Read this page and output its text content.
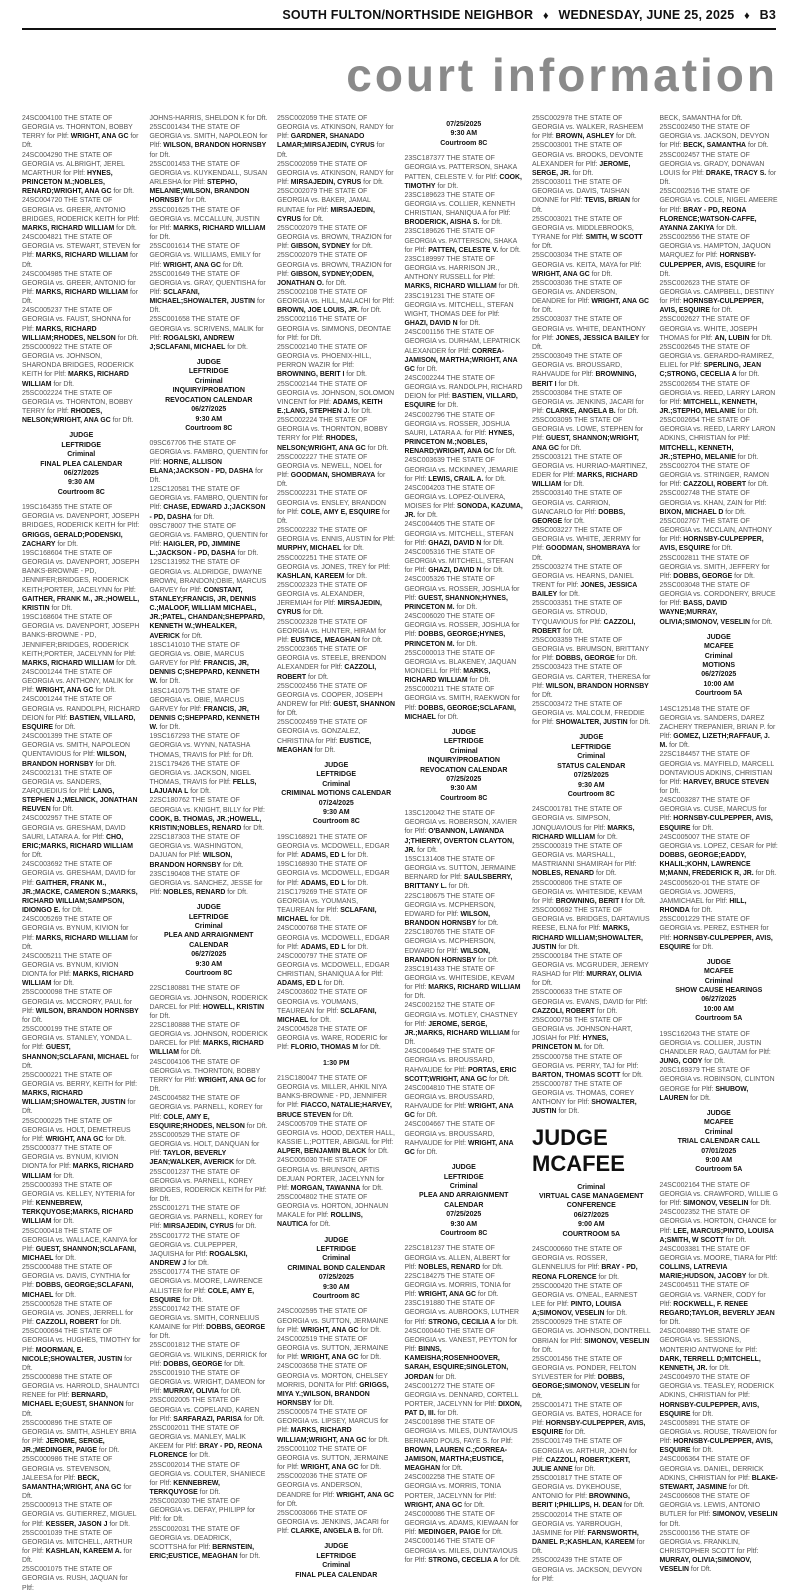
SOUTH FULTON/NORTHSIDE NEIGHBOR ♦ WEDNESDAY, JUNE 25, 2025 ♦ B3
court information

24SC004100 THE STATE OF GEORGIA vs. THORNTON, BOBBY TERRY for Pltf: WRIGHT, ANA GC for Dft.

24SC004290 THE STATE OF GEORGIA vs. ALBRIGHT, JEREL MCARTHUR for Pltf: HYNES, PRINCETON M.;NOBLES, RENARD;WRIGHT, ANA GC for Dft.

24SC004720 THE STATE OF GEORGIA vs. GREER, ANTONIO BRIDGES, RODERICK KEITH for Pltf: MARKS, RICHARD WILLIAM for Dft.

24SC004821 THE STATE OF GEORGIA vs. STEWART, STEVEN for Pltf: MARKS, RICHARD WILLIAM for Dft.

24SC004985 THE STATE OF GEORGIA vs. GREER, ANTONIO for Pltf: MARKS, RICHARD WILLIAM for Dft.

24SC005237 THE STATE OF GEORGIA vs. FAUST, SHONNA for Pltf: MARKS, RICHARD WILLIAM;RHODES, NELSON for Dft.

25SC000922 THE STATE OF GEORGIA vs. JOHNSON, SHARONDA BRIDGES, RODERICK KEITH for Pltf: MARKS, RICHARD WILLIAM for Dft.

25SC002224 THE STATE OF GEORGIA vs. THORNTON, BOBBY TERRY for Pltf: RHODES, NELSON;WRIGHT, ANA GC for Dft.

JUDGE
LEFTRIDGE
Criminal
FINAL PLEA CALENDAR
06/27/2025
9:30 AM
Courtroom 8C

19SC164355 THE STATE OF GEORGIA vs. DAVENPORT, JOSEPH BRIDGES, RODERICK KEITH for Pltf: GRIGGS, GERALD;PODENSKI, ZACHARY for Dft.

19SC168604 THE STATE OF GEORGIA vs. DAVENPORT, JOSEPH BANKS-BROWNE - PD, JENNIFER;BRIDGES, RODERICK KEITH;PORTER, JACELYNN for Pltf: GAITHER, FRANK M., JR.;HOWELL, KRISTIN for Dft.

19SC168604 THE STATE OF GEORGIA vs. DAVENPORT, JOSEPH BANKS-BROWNE - PD, JENNIFER;BRIDGES, RODERICK KEITH;PORTER, JACELYNN for Pltf: MARKS, RICHARD WILLIAM for Dft.

24SC001244 THE STATE OF GEORGIA vs. ANTHONY, MALIK for Pltf: WRIGHT, ANA GC for Dft.

24SC001244 THE STATE OF GEORGIA vs. RANDOLPH, RICHARD DEION for Pltf: BASTIEN, VILLARD, ESQUIRE for Dft.

24SC001399 THE STATE OF GEORGIA vs. SMITH, NAPOLEON QUENTAVIOUS for Pltf: WILSON, BRANDON HORNSBY for Dft.

24SC002131 THE STATE OF GEORGIA vs. SANDERS, ZARQUEDIUS for Pltf: LANG, STEPHEN J.;MELNICK, JONATHAN REUVEN for Dft.

24SC002957 THE STATE OF GEORGIA vs. GRESHAM, DAVID SAURI, LATARA A. for Pltf: CHO, ERIC;MARKS, RICHARD WILLIAM for Dft.

24SC003692 THE STATE OF GEORGIA vs. GRESHAM, DAVID for Pltf: GAITHER, FRANK M., JR.;MACKE, CAMERON S.;MARKS, RICHARD WILLIAM;SAMPSON, IDIONGO E. for Dft.

24SC005269 THE STATE OF GEORGIA vs. BYNUM, KIVION for Pltf: MARKS, RICHARD WILLIAM for Dft.

24SC005211 THE STATE OF GEORGIA vs. BYNUM, KIVION DIONTA for Pltf: MARKS, RICHARD WILLIAM for Dft.

25SC000098 THE STATE OF GEORGIA vs. MCCRORY, PAUL for Pltf: WILSON, BRANDON HORNSBY for Dft.

25SC000199 THE STATE OF GEORGIA vs. STANLEY, YONDA L. for Pltf: GUEST, SHANNON;SCLAFANI, MICHAEL for Dft.

25SC000221 THE STATE OF GEORGIA vs. BERRY, KEITH for Pltf: MARKS, RICHARD WILLIAM;SHOWALTER, JUSTIN for Dft.

25SC000225 THE STATE OF GEORGIA vs. HOLT, DEMETREUS for Pltf: WRIGHT, ANA GC for Dft.

25SC000377 THE STATE OF GEORGIA vs. BYNUM, KIVION DIONTA for Pltf: MARKS, RICHARD WILLIAM for Dft.

25SC000393 THE STATE OF GEORGIA vs. KELLEY, NYTERIA for Pltf: KENNEBREW, TERKQUYOSE;MARKS, RICHARD WILLIAM for Dft.

25SC000418 THE STATE OF GEORGIA vs. WALLACE, KANIYA for Pltf: GUEST, SHANNON;SCLAFANI, MICHAEL for Dft.

25SC000488 THE STATE OF GEORGIA vs. DAVIS, CYNTHIA for Pltf: DOBBS, GEORGE;SCLAFANI, MICHAEL for Dft.

25SC000528 THE STATE OF GEORGIA vs. JONES, JERRELL for Pltf: CAZZOLI, ROBERT for Dft.

25SC000694 THE STATE OF GEORGIA vs. HUGHES, TIMOTHY for Pltf: MOORMAN, E. NICOLE;SHOWALTER, JUSTIN for Dft.

25SC000898 THE STATE OF GEORGIA vs. HARROLD, SHAUNTCI RENEE for Pltf: BERNARD, MICHAEL E;GUEST, SHANNON for Dft.

25SC000896 THE STATE OF GEORGIA vs. SMITH, ASHLEY BRIA for Pltf: JEROME, SERGE, JR.;MEDINGER, PAIGE for Dft.

25SC000986 THE STATE OF GEORGIA vs. STEVENSON, JALEESA for Pltf: BECK, SAMANTHA;WRIGHT, ANA GC for Dft.

25SC000913 THE STATE OF GEORGIA vs. GUTIERREZ, MIGUEL for Pltf: KESSER, JASON J for Dft.

25SC001039 THE STATE OF GEORGIA vs. MITCHELL, ARTHUR for Pltf: KASHLAN, KAREEM A. for Dft.

25SC001075 THE STATE OF GEORGIA vs. RUSH, JAQUAN for Pltf:

JOHNS-HARRIS, SHELDON K for Dft.

25SC001434 THE STATE OF GEORGIA vs. SMITH, NAPOLEON for Pltf: WILSON, BRANDON HORNSBY for Dft.

25SC001453 THE STATE OF GEORGIA vs. KUYKENDALL, SUSAN ARLESHA for Pltf: STEPHO, MELANIE;WILSON, BRANDON HORNSBY for Dft.

25SC001625 THE STATE OF GEORGIA vs. MCCALLUN, JUSTIN for Pltf: MARKS, RICHARD WILLIAM for Dft.

25SC001614 THE STATE OF GEORGIA vs. WILLIAMS, EMILY for Pltf: WRIGHT, ANA GC for Dft.

25SC001649 THE STATE OF GEORGIA vs. GRAY, QUENTISHA for Pltf: SCLAFANI, MICHAEL;SHOWALTER, JUSTIN for Dft.

25SC001658 THE STATE OF GEORGIA vs. SCRIVENS, MALIK for Pltf: ROGALSKI, ANDREW J;SCLAFANI, MICHAEL for Dft.

JUDGE
LEFTRIDGE
Criminal
INQUIRY/PROBATION
REVOCATION CALENDAR
06/27/2025
9:30 AM
Courtroom 8C

09SC67706 THE STATE OF GEORGIA vs. FAMBRO, QUENTIN for Pltf: HORNE, ALLISON ELANA;JACKSON - PD, DASHA for Dft.

12SC120581 THE STATE OF GEORGIA vs. FAMBRO, QUENTIN for Pltf: CHASE, EDWARD J.;JACKSON - PD, DASHA for Dft.

09SC78007 THE STATE OF GEORGIA vs. FAMBRO, QUENTIN for Pltf: HAIGLER, PD, JIMMINE L.;JACKSON - PD, DASHA for Dft.

12SC131952 THE STATE OF GEORGIA vs. ALDRIDGE, DWAYNE BROWN, BRANDON;OBIE, MARCUS GARVEY for Pltf: CONSTANT, STANLEY;FRANCIS, JR, DENNIS C.;MALOOF, WILLIAM MICHAEL, JR.;PATEL, CHANDAN;SHEPPARD, KENNETH W.;WHEALKER, AVERICK for Dft.

18SC141010 THE STATE OF GEORGIA vs. OBIE, MARCUS GARVEY for Pltf: FRANCIS, JR, DENNIS C;SHEPPARD, KENNETH W. for Dft.

18SC141075 THE STATE OF GEORGIA vs. OBIE, MARCUS GARVEY for Pltf: FRANCIS, JR, DENNIS C;SHEPPARD, KENNETH W. for Dft.

19SC167293 THE STATE OF GEORGIA vs. WYNN, NATASHA THOMAS, TRAVIS for Pltf: for Dft.

21SC179426 THE STATE OF GEORGIA vs. JACKSON, NIGEL THOMAS, TRAVIS for Pltf: FELLS, LAJUANA L for Dft.

22SC180762 THE STATE OF GEORGIA vs. KNIGHT, BILLY for Pltf: COOK, B. THOMAS, JR.;HOWELL, KRISTIN;NOBLES, RENARD for Dft.

22SC187303 THE STATE OF GEORGIA vs. WASHINGTON, DAJUAN for Pltf: WILSON, BRANDON HORNSBY for Dft.

23SC190408 THE STATE OF GEORGIA vs. SANCHEZ, JESSE for Pltf: NOBLES, RENARD for Dft.

JUDGE
LEFTRIDGE
Criminal
PLEA AND ARRAIGNMENT
CALENDAR
06/27/2025
9:30 AM
Courtroom 8C

22SC180881 THE STATE OF GEORGIA vs. JOHNSON, RODERICK DARCEL for Pltf: HOWELL, KRISTIN for Dft.

22SC180888 THE STATE OF GEORGIA vs. JOHNSON, RODERICK DARCEL for Pltf: MARKS, RICHARD WILLIAM for Dft.

24SC004106 THE STATE OF GEORGIA vs. THORNTON, BOBBY TERRY for Pltf: WRIGHT, ANA GC for Dft.

24SC004582 THE STATE OF GEORGIA vs. PARNELL, KOREY for Pltf: COLE, AMY E, ESQUIRE;RHODES, NELSON for Dft.

25SC000529 THE STATE OF GEORGIA vs. HOLT, DANQUAN for Pltf: TAYLOR, BEVERLY JEAN;WALKER, AVERICK for Dft.

25SC001237 THE STATE OF GEORGIA vs. PARNELL, KOREY BRIDGES, RODERICK KEITH for Pltf: for Dft.

25SC001271 THE STATE OF GEORGIA vs. PARNELL, KOREY for Pltf: MIRSAJEDIN, CYRUS for Dft.

25SC001772 THE STATE OF GEORGIA vs. CULPEPPER, JAQUISHA for Pltf: ROGALSKI, ANDREW J for Dft.

25SC001774 THE STATE OF GEORGIA vs. MOORE, LAWRENCE ALLISTER for Pltf: COLE, AMY E, ESQUIRE for Dft.

25SC001742 THE STATE OF GEORGIA vs. SMITH, CORNELIUS KAMAINE for Pltf: DOBBS, GEORGE for Dft.

25SC001812 THE STATE OF GEORGIA vs. WILKINS, DERRICK for Pltf: DOBBS, GEORGE for Dft.

25SC001910 THE STATE OF GEORGIA vs. WRIGHT, DAMEON for Pltf: MURRAY, OLIVIA for Dft.

25SC002005 THE STATE OF GEORGIA vs. COPELAND, KAREN for Pltf: SARFARAZI, PARISA for Dft.

25SC002011 THE STATE OF GEORGIA vs. MANLEY, MALIK AKEEM for Pltf: BRAY - PD, REONA FLORENCE for Dft.

25SC002014 THE STATE OF GEORGIA vs. COULTER, SHANIECE for Pltf: KENNEBREW, TERKQUYOSE for Dft.

25SC002030 THE STATE OF GEORGIA vs. DEFAY, PHILIPP for Pltf: for Dft.

25SC002031 THE STATE OF GEORGIA vs. DEADRICK, SCOTTSHA for Pltf: BERNSTEIN, ERIC;EUSTICE, MEAGHAN for Dft.

25SC002059 THE STATE OF GEORGIA vs. ATKINSON, RANDY for Pltf: GARDNER, SHANADO LAMAR;MIRSAJEDIN, CYRUS for Dft.

25SC002059 THE STATE OF GEORGIA vs. ATKINSON, RANDY for Pltf: MIRSAJEDIN, CYRUS for Dft.

25SC002079 THE STATE OF GEORGIA vs. BAKER, JAMAL RUNTAE for Pltf: MIRSAJEDIN, CYRUS for Dft.

25SC002079 THE STATE OF GEORGIA vs. BROWN, TRAZION for Pltf: GIBSON, SYDNEY for Dft.

25SC002079 THE STATE OF GEORGIA vs. BROWN, TRAZION for Pltf: GIBSON, SYDNEY;ODEN, JONATHAN O. for Dft.

25SC002108 THE STATE OF GEORGIA vs. HILL, MALACHI for Pltf: BROWN, JOE LOUIS, JR. for Dft.

25SC002116 THE STATE OF GEORGIA vs. SIMMONS, DEONTAE for Pltf: for Dft.

25SC002140 THE STATE OF GEORGIA vs. PHOENIX-HILL, PERRON WAZIR for Pltf: BROWNING, BERIT I for Dft.

25SC002144 THE STATE OF GEORGIA vs. JOHNSON, SOLOMON VINCENT for Pltf: ADAMS, KEITH E.;LANG, STEPHEN J. for Dft.

25SC002224 THE STATE OF GEORGIA vs. THORNTON, BOBBY TERRY for Pltf: RHODES, NELSON;WRIGHT, ANA GC for Dft.

25SC002227 THE STATE OF GEORGIA vs. NEWELL, NOEL for Pltf: GOODMAN, SHOMBRAYA for Dft.

25SC002231 THE STATE OF GEORGIA vs. ENSLEY, BRANDON for Pltf: COLE, AMY E, ESQUIRE for Dft.

25SC002232 THE STATE OF GEORGIA vs. ENNIS, AUSTIN for Pltf: MURPHY, MICHAEL for Dft.

25SC002251 THE STATE OF GEORGIA vs. JONES, TREY for Pltf: KASHLAN, KAREEM for Dft.

25SC002323 THE STATE OF GEORGIA vs. ALEXANDER, JEREMIAH for Pltf: MIRSAJEDIN, CYRUS for Dft.

25SC002328 THE STATE OF GEORGIA vs. HUNTER, HIRAM for Pltf: EUSTICE, MEAGHAN for Dft.

25SC002365 THE STATE OF GEORGIA vs. STEELE, BRENDON ALEXANDER for Pltf: CAZZOLI, ROBERT for Dft.

25SC002456 THE STATE OF GEORGIA vs. COOPER, JOSEPH ANDREW for Pltf: GUEST, SHANNON for Dft.

25SC002459 THE STATE OF GEORGIA vs. GONZALEZ, CHRISTINA for Pltf: EUSTICE, MEAGHAN for Dft.

JUDGE
LEFTRIDGE
Criminal
CRIMINAL MOTIONS CALENDAR
07/24/2025
9:30 AM
Courtroom 8C

19SC168921 THE STATE OF GEORGIA vs. MCDOWELL, EDGAR for Pltf: ADAMS, ED L for Dft.

19SC168930 THE STATE OF GEORGIA vs. MCDOWELL, EDGAR for Pltf: ADAMS, ED L for Dft.

21SC179269 THE STATE OF GEORGIA vs. YOUMANS, TEAUREAN for Pltf: SCLAFANI, MICHAEL for Dft.

24SC000768 THE STATE OF GEORGIA vs. MCDOWELL, EDGAR for Pltf: ADAMS, ED L for Dft.

24SC000797 THE STATE OF GEORGIA vs. MCDOWELL, EDGAR CHRISTIAN, SHANIQUA A for Pltf: ADAMS, ED L for Dft.

24SC003602 THE STATE OF GEORGIA vs. YOUMANS, TEAUREAN for Pltf: SCLAFANI, MICHAEL for Dft.

24SC004528 THE STATE OF GEORGIA vs. WARE, RODERIC for Pltf: FLORIO, THOMAS M for Dft.

1:30 PM

21SC180047 THE STATE OF GEORGIA vs. MILLER, AHKIL NIYA BANKS-BROWNE - PD, JENNIFER for Pltf: FIACCO, NATALIE;HARVEY, BRUCE STEVEN for Dft.

24SC005709 THE STATE OF GEORGIA vs. HOOD, DEXTER HALL, KASSIE L.;POTTER, ABIGAIL for Pltf: ALPER, BENJAMIN BLACK for Dft.

24SC005030 THE STATE OF GEORGIA vs. BRUNSON, ARTIS DEJUAN PORTER, JACELYNN for Pltf: MORGAN, TAWANNA for Dft.

25SC004802 THE STATE OF GEORGIA vs. HORTON, JOHNAUN MAKALE for Pltf: ROLLINS, NAUTICA for Dft.

JUDGE
LEFTRIDGE
Criminal
CRIMINAL BOND CALENDAR
07/25/2025
9:30 AM
Courtroom 8C

24SC002595 THE STATE OF GEORGIA vs. SUTTON, JERMAINE for Pltf: WRIGHT, ANA GC for Dft.

24SC002519 THE STATE OF GEORGIA vs. SUTTON, JERMAINE for Pltf: WRIGHT, ANA GC for Dft.

24SC003658 THE STATE OF GEORGIA vs. MORTON, CHELSEY MORRIS, DONITA for Pltf: GRIGGS, MIYA Y.;WILSON, BRANDON HORNSBY for Dft.

25SC000574 THE STATE OF GEORGIA vs. LIPSEY, MARCUS for Pltf: MARKS, RICHARD WILLIAM;WRIGHT, ANA GC for Dft.

25SC001102 THE STATE OF GEORGIA vs. SUTTON, JERMAINE for Pltf: WRIGHT, ANA GC for Dft.

25SC002036 THE STATE OF GEORGIA vs. ANDERSON, DEANDRE for Pltf: WRIGHT, ANA GC for Dft.

25SC003066 THE STATE OF GEORGIA vs. JENKINS, JACARI for Pltf: CLARKE, ANGELA B. for Dft.

JUDGE
LEFTRIDGE
Criminal
FINAL PLEA CALENDAR
07/25/2025
9:30 AM
Courtroom 8C

23SC187377 THE STATE OF GEORGIA vs. PATTERSON, SHAKA PATTEN, CELESTE V. for Pltf: COOK, TIMOTHY for Dft.

23SC189623 THE STATE OF GEORGIA vs. COLLIER, KENNETH CHRISTIAN, SHANIQUA A for Pltf: BRODERICK, AISHA S. for Dft.

23SC189626 THE STATE OF GEORGIA vs. PATTERSON, SHAKA for Pltf: PATTEN, CELESTE V. for Dft.

23SC189997 THE STATE OF GEORGIA vs. HARRISON JR., ANTHONY RUSSELL for Pltf: MARKS, RICHARD WILLIAM for Dft.

23SC191231 THE STATE OF GEORGIA vs. MITCHELL, STEFAN WIGHT, THOMAS DEE for Pltf: GHAZI, DAVID N for Dft.

24SC001156 THE STATE OF GEORGIA vs. DURHAM, LEPATRICK ALEXANDER for Pltf: CORREA-JAMISON, MARTHA;WRIGHT, ANA GC for Dft.

24SC002244 THE STATE OF GEORGIA vs. RANDOLPH, RICHARD DEION for Pltf: BASTIEN, VILLARD, ESQUIRE for Dft.

24SC002796 THE STATE OF GEORGIA vs. ROSSER, JOSHUA SAURI, LATARA A. for Pltf: HYNES, PRINCETON M.;NOBLES, RENARD;WRIGHT, ANA GC for Dft.

24SC003639 THE STATE OF GEORGIA vs. MCKINNEY, JEMARIE for Pltf: LEWIS, CRAIL A. for Dft.

24SC004203 THE STATE OF GEORGIA vs. LOPEZ-OLIVERA, MOISES for Pltf: SONODA, KAZUMA, JR. for Dft.

24SC004405 THE STATE OF GEORGIA vs. MITCHELL, STEFAN for Pltf: GHAZI, DAVID N for Dft.

24SC005316 THE STATE OF GEORGIA vs. MITCHELL, STEFAN for Pltf: GHAZI, DAVID N for Dft.

24SC005326 THE STATE OF GEORGIA vs. ROSSER, JOSHUA for Pltf: GUEST, SHANNON;HYNES, PRINCETON M. for Dft.

24SC006020 THE STATE OF GEORGIA vs. ROSSER, JOSHUA for Pltf: DOBBS, GEORGE;HYNES, PRINCETON M. for Dft.

25SC000013 THE STATE OF GEORGIA vs. BLAKENEY, JAQUAN MONDELL for Pltf: MARKS, RICHARD WILLIAM for Dft.

25SC000211 THE STATE OF GEORGIA vs. SMITH, RAEKWON for Pltf: DOBBS, GEORGE;SCLAFANI, MICHAEL for Dft.

JUDGE
LEFTRIDGE
Criminal
INQUIRY/PROBATION
REVOCATION CALENDAR
07/25/2025
9:30 AM
Courtroom 8C

13SC120042 THE STATE OF GEORGIA vs. ROBERSON, XAVIER for Pltf: O'BANNON, LAWANDA J;THIERRY, OVERTON CLAYTON, JR. for Dft.

15SC131408 THE STATE OF GEORGIA vs. SUTTON, JERMAINE BERNARD for Pltf: SAULSBERRY, BRITTANY L. for Dft.

22SC180675 THE STATE OF GEORGIA vs. MCPHERSON, EDWARD for Pltf: WILSON, BRANDON HORNSBY for Dft.

22SC180765 THE STATE OF GEORGIA vs. MCPHERSON, EDWARD for Pltf: WILSON, BRANDON HORNSBY for Dft.

23SC191433 THE STATE OF GEORGIA vs. WHITESIDE, KEVAM for Pltf: MARKS, RICHARD WILLIAM for Dft.

24SC002152 THE STATE OF GEORGIA vs. MOTLEY, CHASTNEY for Pltf: JEROME, SERGE, JR.;MARKS, RICHARD WILLIAM for Dft.

24SC004649 THE STATE OF GEORGIA vs. BROUSSARD, RAHVAUDE for Pltf: PORTAS, ERIC SCOTT;WRIGHT, ANA GC for Dft.

24SC004810 THE STATE OF GEORGIA vs. BROUSSARD, RAHVAUDE for Pltf: WRIGHT, ANA GC for Dft.

24SC004667 THE STATE OF GEORGIA vs. BROUSSARD, RAHVAUDE for Pltf: WRIGHT, ANA GC for Dft.

JUDGE
LEFTRIDGE
Criminal
PLEA AND ARRAIGNMENT
CALENDAR
07/25/2025
9:30 AM
Courtroom 8C

22SC181237 THE STATE OF GEORGIA vs. ALLEN, ALBERT for Pltf: NOBLES, RENARD for Dft.

22SC184275 THE STATE OF GEORGIA vs. MORRIS, TONIA for Pltf: WRIGHT, ANA GC for Dft.

23SC191880 THE STATE OF GEORGIA vs. AUBROOKS, LUTHER for Pltf: STRONG, CECILIA A for Dft.

24SC000440 THE STATE OF GEORGIA vs. VANEST, PEYTON for Pltf: BINNS, KAMEISHA;ROSENHOOVER, SARAH, ESQUIRE;SINGLETON, JORDAN for Dft.

24SC001272 THE STATE OF GEORGIA vs. DENNARD, CORTELL PORTER, JACELYNN for Pltf: DIXON, PAT D, III. for Dft.

24SC001898 THE STATE OF GEORGIA vs. MILES, DUNTAVIOUS BERNARD POUS, FAYE S. for Pltf: BROWN, LAUREN C.;CORREA-JAMISON, MARTHA;EUSTICE, MEAGHAN for Dft.

24SC002258 THE STATE OF GEORGIA vs. MORRIS, TONIA PORTER, JACELYNN for Pltf: WRIGHT, ANA GC for Dft.

24SC000086 THE STATE OF GEORGIA vs. ADAMS, KIEWAAN for Pltf: MEDINGER, PAIGE for Dft.

24SC000146 THE STATE OF GEORGIA vs. MILES, DUNTAVIOUS for Pltf: STRONG, CECELIA A for Dft.

25SC002978 THE STATE OF GEORGIA vs. WALKER, RASHEEM for Pltf: BROWN, ASHLEY for Dft.

25SC003001 THE STATE OF GEORGIA vs. BROOKS, DEVONTE ALEXANDER for Pltf: JEROME, SERGE, JR. for Dft.

25SC003011 THE STATE OF GEORGIA vs. DAVIS, TAISHAN DIONNE for Pltf: TEVIS, BRIAN for Dft.

25SC003021 THE STATE OF GEORGIA vs. MIDDLEBROOKS, TYRANE for Pltf: SMITH, W SCOTT for Dft.

25SC003034 THE STATE OF GEORGIA vs. KEITA, MAYA for Pltf: WRIGHT, ANA GC for Dft.

25SC003036 THE STATE OF GEORGIA vs. ANDERSON, DEANDRE for Pltf: WRIGHT, ANA GC for Dft.

25SC003037 THE STATE OF GEORGIA vs. WHITE, DEANTHONY for Pltf: JONES, JESSICA BAILEY for Dft.

25SC003049 THE STATE OF GEORGIA vs. BROUSSARD, RAHVAUDE for Pltf: BROWNING, BERIT I for Dft.

25SC003084 THE STATE OF GEORGIA vs. JENKINS, JACARI for Pltf: CLARKE, ANGELA B. for Dft.

25SC003095 THE STATE OF GEORGIA vs. LOWE, STEPHEN for Pltf: GUEST, SHANNON;WRIGHT, ANA GC for Dft.

25SC003121 THE STATE OF GEORGIA vs. HURRIAO-MARTINEZ, EDER for Pltf: MARKS, RICHARD WILLIAM for Dft.

25SC003140 THE STATE OF GEORGIA vs. CARRION, GIANCARLO for Pltf: DOBBS, GEORGE for Dft.

25SC003227 THE STATE OF GEORGIA vs. WHITE, JERRMY for Pltf: GOODMAN, SHOMBRAYA for Dft.

25SC003274 THE STATE OF GEORGIA vs. HEARNS, DANIEL TRENT for Pltf: JONES, JESSICA BAILEY for Dft.

25SC003351 THE STATE OF GEORGIA vs. STROUD, TY'QUAVIOUS for Pltf: CAZZOLI, ROBERT for Dft.

25SC003359 THE STATE OF GEORGIA vs. BRUMSON, BRITTANY for Pltf: DOBBS, GEORGE for Dft.

25SC003423 THE STATE OF GEORGIA vs. CARTER, THERESA for Pltf: WILSON, BRANDON HORNSBY for Dft.

25SC003472 THE STATE OF GEORGIA vs. MALCOLM, FREDDIE for Pltf: SHOWALTER, JUSTIN for Dft.

JUDGE
LEFTRIDGE
Criminal
STATUS CALENDAR
07/25/2025
9:30 AM
Courtroom 8C

24SC001781 THE STATE OF GEORGIA vs. SIMPSON, JONQUAVIOUS for Pltf: MARKS, RICHARD WILLIAM for Dft.

25SC000319 THE STATE OF GEORGIA vs. MARSHALL, MASTRIANNI SHAMIRAH for Pltf: NOBLES, RENARD for Dft.

25SC000806 THE STATE OF GEORGIA vs. WHITESIDE, KEVAM for Pltf: BROWNING, BERIT I for Dft.

25SC000692 THE STATE OF GEORGIA vs. BRIDGES, DARTAVIUS REESE, ELNA for Pltf: MARKS, RICHARD WILLIAM;SHOWALTER, JUSTIN for Dft.

25SC000184 THE STATE OF GEORGIA vs. MCGRUDER, JEREMY RASHAD for Pltf: MURRAY, OLIVIA for Dft.

25SC000633 THE STATE OF GEORGIA vs. EVANS, DAVID for Pltf: CAZZOLI, ROBERT for Dft.

25SC000758 THE STATE OF GEORGIA vs. JOHNSON-HART, JOSIAH for Pltf: HYNES, PRINCETON M. for Dft.

25SC000758 THE STATE OF GEORGIA vs. PERRY, TAJ for Pltf: BARTON, THOMAS SCOTT for Dft.

25SC000787 THE STATE OF GEORGIA vs. THOMAS, COREY ANTHONY for Pltf: SHOWALTER, JUSTIN for Dft.

JUDGE
MCAFEE
Criminal
VIRTUAL CASE MANAGEMENT
CONFERENCE
06/27/2025
9:00 AM
COURTROOM 5A

24SC000660 THE STATE OF GEORGIA vs. ROSSER, GLENNELIUS for Pltf: BRAY - PD, REONA FLORENCE for Dft.

25SC000420 THE STATE OF GEORGIA vs. O'NEAL, EARNEST LEE for Pltf: PINTO, LOUISA A;SIMONOV, VESELIN for Dft.

25SC000929 THE STATE OF GEORGIA vs. JOHNSON, DONTRELL OBRIAN for Pltf: SIMONOV, VESELIN for Dft.

25SC001456 THE STATE OF GEORGIA vs. PONDER, FELTON SYLVESTER for Pltf: DOBBS, GEORGE;SIMONOV, VESELIN for Dft.

25SC001471 THE STATE OF GEORGIA vs. BATES, HORACE for Pltf: HORNSBY-CULPEPPER, AVIS, ESQUIRE for Dft.

25SC001749 THE STATE OF GEORGIA vs. ARTHUR, JOHN for Pltf: CAZZOLI, ROBERT;KERT, JULIE ANNE for Dft.

25SC001817 THE STATE OF GEORGIA vs. DYKEHOUSE, ANTONIO for Pltf: BROWNING, BERIT I;PHILLIPS, H. DEAN for Dft.

25SC002014 THE STATE OF GEORGIA vs. YARBROUGH, JASMINE for Pltf: FARNSWORTH, DANIEL P.;KASHLAN, KAREEM for Dft.

25SC002439 THE STATE OF GEORGIA vs. JACKSON, DEVYON for Pltf:

BECK, SAMANTHA for Dft.

25SC002450 THE STATE OF GEORGIA vs. JACKSON, DEVYON for Pltf: BECK, SAMANTHA for Dft.

25SC002457 THE STATE OF GEORGIA vs. GRADY, DONAVAN LOUIS for Pltf: DRAKE, TRACY S. for Dft.

25SC002516 THE STATE OF GEORGIA vs. COLE, NIGEL AMEERE for Pltf: BRAY - PD, REONA FLORENCE;WATSON-CAFFE, AYANNA ZAKIYA for Dft.

25SC002556 THE STATE OF GEORGIA vs. HAMPTON, JAQUON MARQUEZ for Pltf: HORNSBY-CULPEPPER, AVIS, ESQUIRE for Dft.

25SC002623 THE STATE OF GEORGIA vs. CAMPBELL, DESTINY for Pltf: HORNSBY-CULPEPPER, AVIS, ESQUIRE for Dft.

25SC002627 THE STATE OF GEORGIA vs. WHITE, JOSEPH THOMAS for Pltf: AN, LUBIN for Dft.

25SC002645 THE STATE OF GEORGIA vs. GERARDO-RAMIREZ, ELIEL for Pltf: SPERLING, JEAN C;STRONG, CECELIA A for Dft.

25SC002654 THE STATE OF GEORGIA vs. REED, LARRY LARON for Pltf: MITCHELL, KENNETH, JR.;STEPHO, MELANIE for Dft.

25SC002654 THE STATE OF GEORGIA vs. REED, LARRY LARON ADKINS, CHRISTIAN for Pltf: MITCHELL, KENNETH, JR.;STEPHO, MELANIE for Dft.

25SC002704 THE STATE OF GEORGIA vs. STRINGER, RAMON for Pltf: CAZZOLI, ROBERT for Dft.

25SC002748 THE STATE OF GEORGIA vs. KHAN, ZAIN for Pltf: BIXON, MICHAEL D for Dft.

25SC002767 THE STATE OF GEORGIA vs. MCCLAIN, ANTHONY for Pltf: HORNSBY-CULPEPPER, AVIS, ESQUIRE for Dft.

25SC002811 THE STATE OF GEORGIA vs. SMITH, JEFFERY for Pltf: DOBBS, GEORGE for Dft.

25SC003048 THE STATE OF GEORGIA vs. CORDONERY, BRUCE for Pltf: BASS, DAVID WAYNE;MURRAY, OLIVIA;SIMONOV, VESELIN for Dft.

JUDGE
MCAFEE
Criminal
MOTIONS
06/27/2025
10:00 AM
Courtroom 5A

14SC125148 THE STATE OF GEORGIA vs. SANDERS, DAREZ ZACHERY TREPANIER, BRIAN P. for Pltf: GOMEZ, LIZETH;RAFFAUF, J. M. for Dft.

22SC184457 THE STATE OF GEORGIA vs. MAYFIELD, MARCELL DONTAVIOUS ADKINS, CHRISTIAN for Pltf: HARVEY, BRUCE STEVEN for Dft.

24SC003287 THE STATE OF GEORGIA vs. CUSE, MARCUS for Pltf: HORNSBY-CULPEPPER, AVIS, ESQUIRE for Dft.

24SC005007 THE STATE OF GEORGIA vs. LOPEZ, CESAR for Pltf: DOBBS, GEORGE;EADDY, KHALIL;KOHN, LAWRENCE M;MANN, FREDERICK R, JR. for Dft.

24SC005620-01 THE STATE OF GEORGIA vs. JOWERS, JAMMICHAEL for Pltf: HILL, RHONDA for Dft.

25SC001229 THE STATE OF GEORGIA vs. PEREZ, ESTHER for Pltf: HORNSBY-CULPEPPER, AVIS, ESQUIRE for Dft.

JUDGE
MCAFEE
Criminal
SHOW CAUSE HEARINGS
06/27/2025
10:00 AM
Courtroom 5A

19SC162043 THE STATE OF GEORGIA vs. COLLIER, JUSTIN CHANDLER RAO, GAUTAM for Pltf: JUNG, CODY for Dft.

20SC169379 THE STATE OF GEORGIA vs. ROBINSON, CLINTON GEORGE for Pltf: SHUBOW, LAUREN for Dft.

JUDGE
MCAFEE
Criminal
TRIAL CALENDAR CALL
07/01/2025
9:00 AM
Courtroom 5A

24SC002164 THE STATE OF GEORGIA vs. CRAWFORD, WILLIE G for Pltf: SIMONOV, VESELIN for Dft.

24SC002352 THE STATE OF GEORGIA vs. HORTON, CHANCE for Pltf: LEE, MARCUS;PINTO, LOUISA A;SMITH, W SCOTT for Dft.

24SC003381 THE STATE OF GEORGIA vs. MOORE, TIARA for Pltf: COLLINS, LATREVIA MARIE;HUDSON, JACOBY for Dft.

24SC004511 THE STATE OF GEORGIA vs. VARNER, CODY for Pltf: ROCKWELL, F. RENEE REGARD;TAYLOR, BEVERLY JEAN for Dft.

24SC004880 THE STATE OF GEORGIA vs. SESSIONS, MONTERIO ANTWONE for Pltf: DARK, TERRELL D;MITCHELL, KENNETH, JR. for Dft.

24SC004970 THE STATE OF GEORGIA vs. TEASLEY, RODERICK ADKINS, CHRISTIAN for Pltf: HORNSBY-CULPEPPER, AVIS, ESQUIRE for Dft.

24SC005891 THE STATE OF GEORGIA vs. ROUSE, TRAVEION for Pltf: HORNSBY-CULPEPPER, AVIS, ESQUIRE for Dft.

24SC006364 THE STATE OF GEORGIA vs. DANIEL, DERRICK ADKINS, CHRISTIAN for Pltf: BLAKE-STEWART, JASMINE for Dft.

24SC006608 THE STATE OF GEORGIA vs. LEWIS, ANTONIO BUTLER for Pltf: SIMONOV, VESELIN for Dft.

25SC000156 THE STATE OF GEORGIA vs. FRANKLIN, CHRISTOPHER SCOTT for Pltf: MURRAY, OLIVIA;SIMONOV, VESELIN for Dft.
